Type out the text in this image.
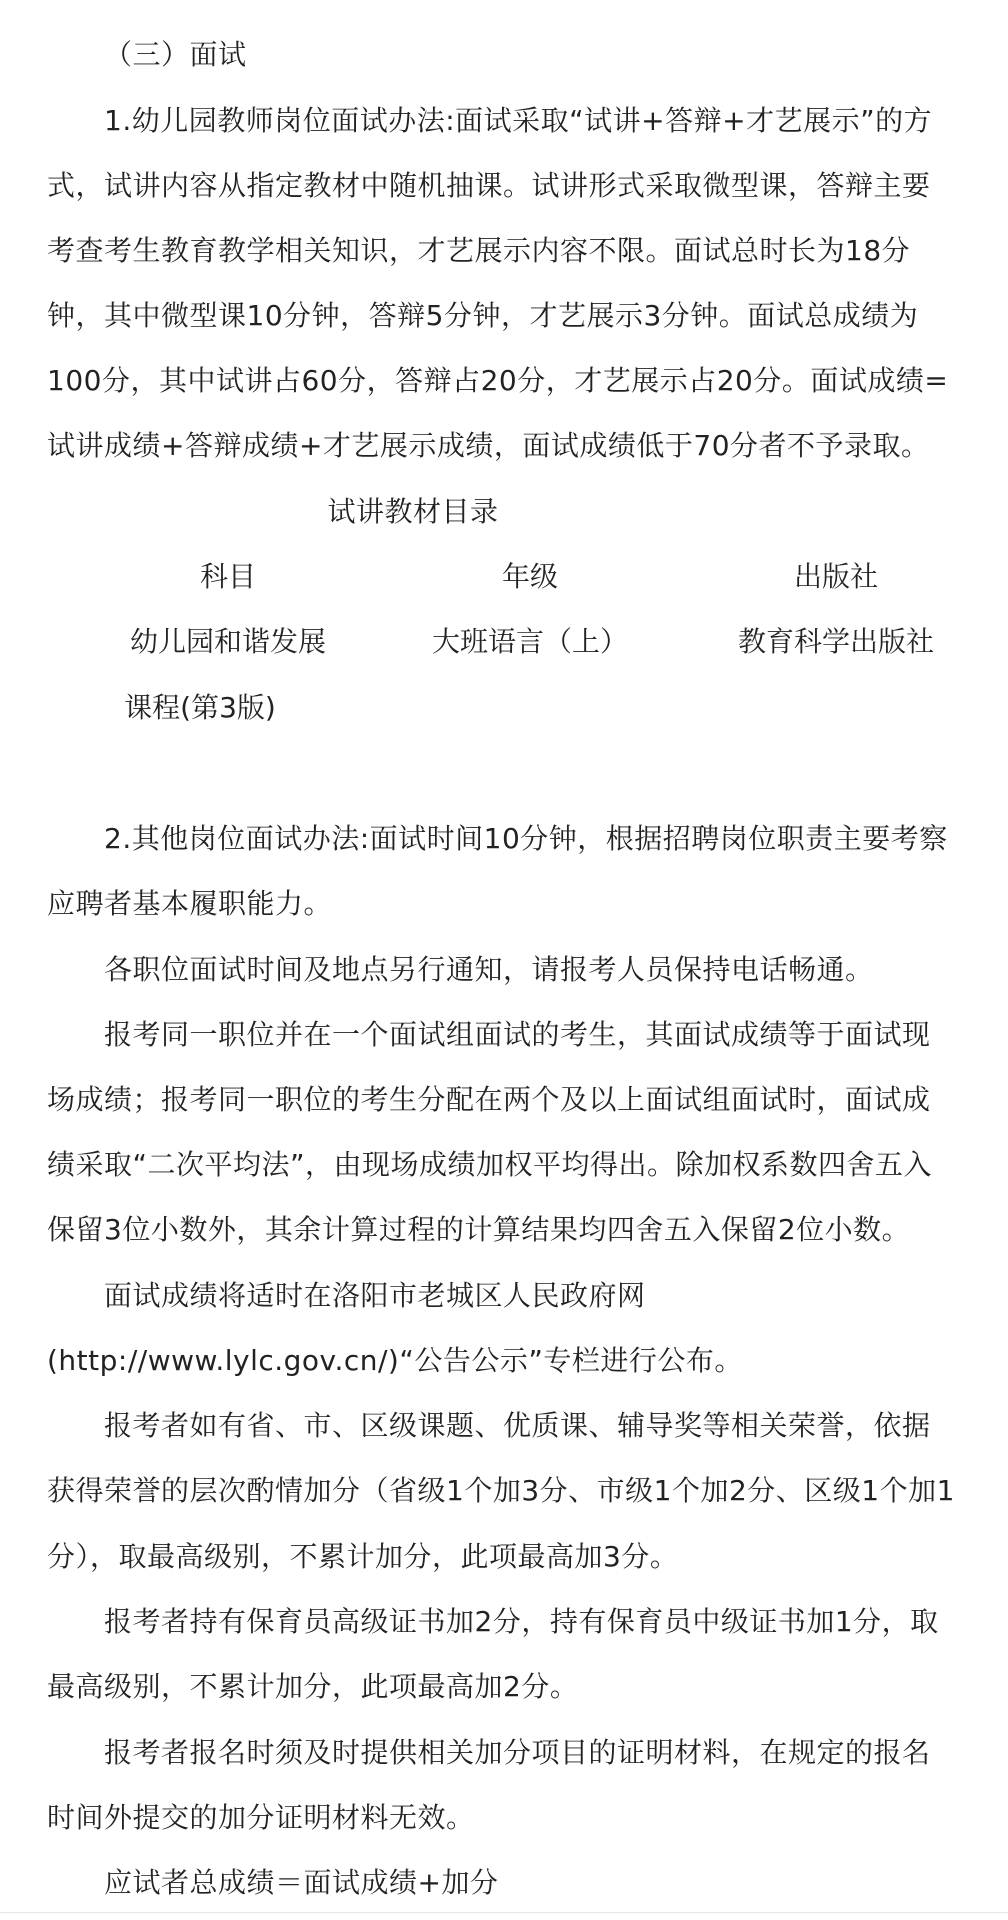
（三）面试
1.幼儿园教师岗位面试办法:面试采取“试讲+答辩+才艺展示”的方
式，试讲内容从指定教材中随机抽课。试讲形式采取微型课，答辩主要
考查考生教育教学相关知识，才艺展示内容不限。面试总时长为18分
钟，其中微型课10分钟，答辩5分钟，才艺展示3分钟。面试总成绩为
100分，其中试讲占60分，答辩占20分，才艺展示占20分。面试成绩=
试讲成绩+答辩成绩+才艺展示成绩，面试成绩低于70分者不予录取。
试讲教材目录
科目	年级	出版社
幼儿园和谐发展	大班语言（上）	教育科学出版社
课程(第3版)
2.其他岗位面试办法:面试时间10分钟，根据招聘岗位职责主要考察
应聘者基本履职能力。
各职位面试时间及地点另行通知，请报考人员保持电话畅通。
报考同一职位并在一个面试组面试的考生，其面试成绩等于面试现
场成绩；报考同一职位的考生分配在两个及以上面试组面试时，面试成
绩采取“二次平均法”，由现场成绩加权平均得出。除加权系数四舍五入
保留3位小数外，其余计算过程的计算结果均四舍五入保留2位小数。
面试成绩将适时在洛阳市老城区人民政府网
(http://www.lylc.gov.cn/)“公告公示”专栏进行公布。
报考者如有省、市、区级课题、优质课、辅导奖等相关荣誉，依据
获得荣誉的层次酌情加分（省级1个加3分、市级1个加2分、区级1个加1
分），取最高级别，不累计加分，此项最高加3分。
报考者持有保育员高级证书加2分，持有保育员中级证书加1分，取
最高级别，不累计加分，此项最高加2分。
报考者报名时须及时提供相关加分项目的证明材料，在规定的报名
时间外提交的加分证明材料无效。
应试者总成绩＝面试成绩+加分
